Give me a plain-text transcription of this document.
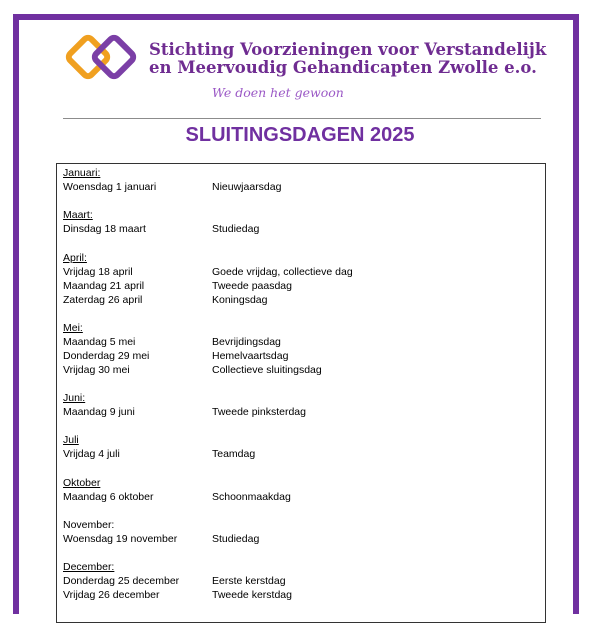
Stichting Voorzieningen voor Verstandelijk
en Meervoudig Gehandicapten Zwolle e.o.
We doen het gewoon
SLUITINGSDAGEN 2025
Januari:
Woensdag 1 januari	Nieuwjaarsdag
Maart:
Dinsdag 18 maart	Studiedag
April:
Vrijdag 18 april	Goede vrijdag, collectieve dag
Maandag 21 april	Tweede paasdag
Zaterdag 26 april	Koningsdag
Mei:
Maandag 5 mei	Bevrijdingsdag
Donderdag 29 mei	Hemelvaartsdag
Vrijdag 30 mei	Collectieve sluitingsdag
Juni:
Maandag 9 juni	Tweede pinksterdag
Juli
Vrijdag 4 juli	Teamdag
Oktober
Maandag 6 oktober	Schoonmaakdag
November:
Woensdag 19 november	Studiedag
December:
Donderdag 25 december	Eerste kerstdag
Vrijdag 26 december	Tweede kerstdag
